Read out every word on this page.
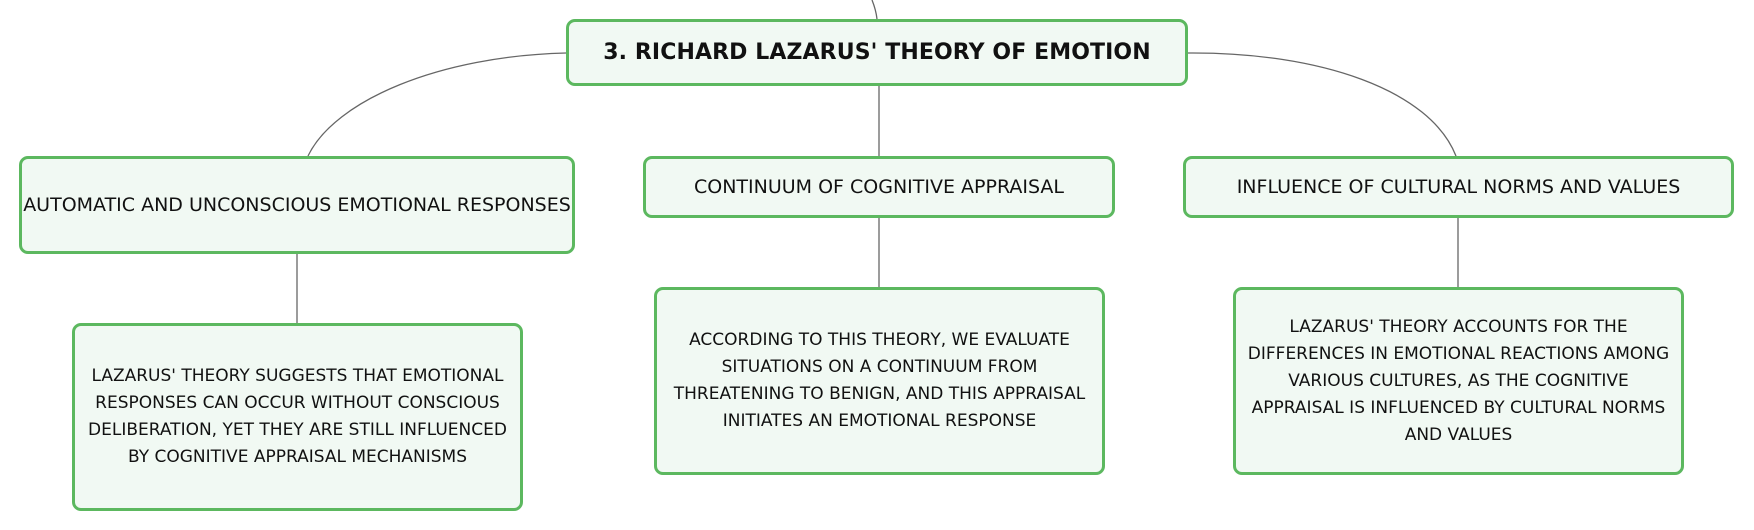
3. RICHARD LAZARUS' THEORY OF EMOTION
AUTOMATIC AND UNCONSCIOUS EMOTIONAL RESPONSES
CONTINUUM OF COGNITIVE APPRAISAL	INFLUENCE OF CULTURAL NORMS AND VALUES
LAZARUS' THEORY SUGGESTS THAT EMOTIONAL RESPONSES CAN OCCUR WITHOUT CONSCIOUS DELIBERATION, YET THEY ARE STILL INFLUENCED BY COGNITIVE APPRAISAL MECHANISMS
ACCORDING TO THIS THEORY, WE EVALUATE SITUATIONS ON A CONTINUUM FROM THREATENING TO BENIGN, AND THIS APPRAISAL INITIATES AN EMOTIONAL RESPONSE
LAZARUS' THEORY ACCOUNTS FOR THE DIFFERENCES IN EMOTIONAL REACTIONS AMONG VARIOUS CULTURES, AS THE COGNITIVE APPRAISAL IS INFLUENCED BY CULTURAL NORMS AND VALUES
